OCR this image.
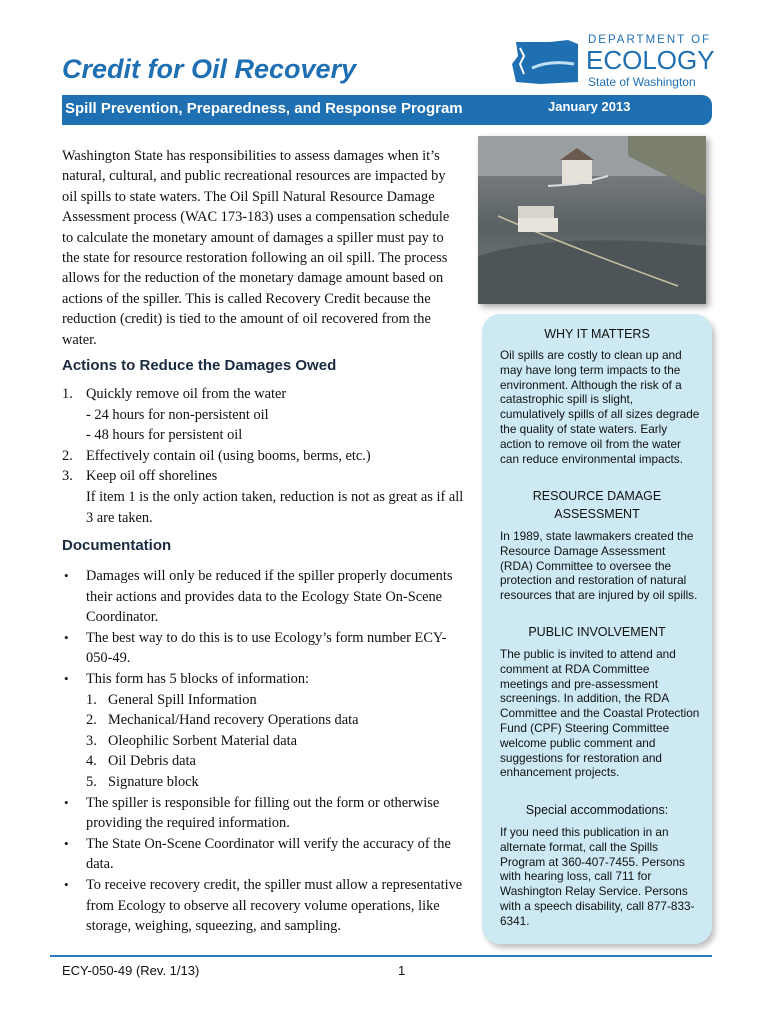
Credit for Oil Recovery
DEPARTMENT OF
ECOLOGY
State of Washington
Spill Prevention, Preparedness, and Response Program	January 2013
Washington State has responsibilities to assess damages when it’s natural, cultural, and public recreational resources are impacted by oil spills to state waters. The Oil Spill Natural Resource Damage Assessment process (WAC 173-183) uses a compensation schedule to calculate the monetary amount of damages a spiller must pay to the state for resource restoration following an oil spill. The process allows for the reduction of the monetary damage amount based on actions of the spiller. This is called Recovery Credit because the reduction (credit) is tied to the amount of oil recovered from the water.
Actions to Reduce the Damages Owed
1. Quickly remove oil from the water
- 24 hours for non-persistent oil
- 48 hours for persistent oil
2. Effectively contain oil (using booms, berms, etc.)
3. Keep oil off shorelines
If item 1 is the only action taken, reduction is not as great as if all 3 are taken.
Documentation
• Damages will only be reduced if the spiller properly documents their actions and provides data to the Ecology State On-Scene Coordinator.
• The best way to do this is to use Ecology’s form number ECY-050-49.
• This form has 5 blocks of information:
1. General Spill Information
2. Mechanical/Hand recovery Operations data
3. Oleophilic Sorbent Material data
4. Oil Debris data
5. Signature block
• The spiller is responsible for filling out the form or otherwise providing the required information.
• The State On-Scene Coordinator will verify the accuracy of the data.
• To receive recovery credit, the spiller must allow a representative from Ecology to observe all recovery volume operations, like storage, weighing, squeezing, and sampling.
WHY IT MATTERS
Oil spills are costly to clean up and may have long term impacts to the environment. Although the risk of a catastrophic spill is slight, cumulatively spills of all sizes degrade the quality of state waters. Early action to remove oil from the water can reduce environmental impacts.
RESOURCE DAMAGE
ASSESSMENT
In 1989, state lawmakers created the Resource Damage Assessment (RDA) Committee to oversee the protection and restoration of natural resources that are injured by oil spills.
PUBLIC INVOLVEMENT
The public is invited to attend and comment at RDA Committee meetings and pre-assessment screenings. In addition, the RDA Committee and the Coastal Protection Fund (CPF) Steering Committee welcome public comment and suggestions for restoration and enhancement projects.
Special accommodations:
If you need this publication in an alternate format, call the Spills Program at 360-407-7455. Persons with hearing loss, call 711 for Washington Relay Service. Persons with a speech disability, call 877-833-6341.
ECY-050-49 (Rev. 1/13)	1
